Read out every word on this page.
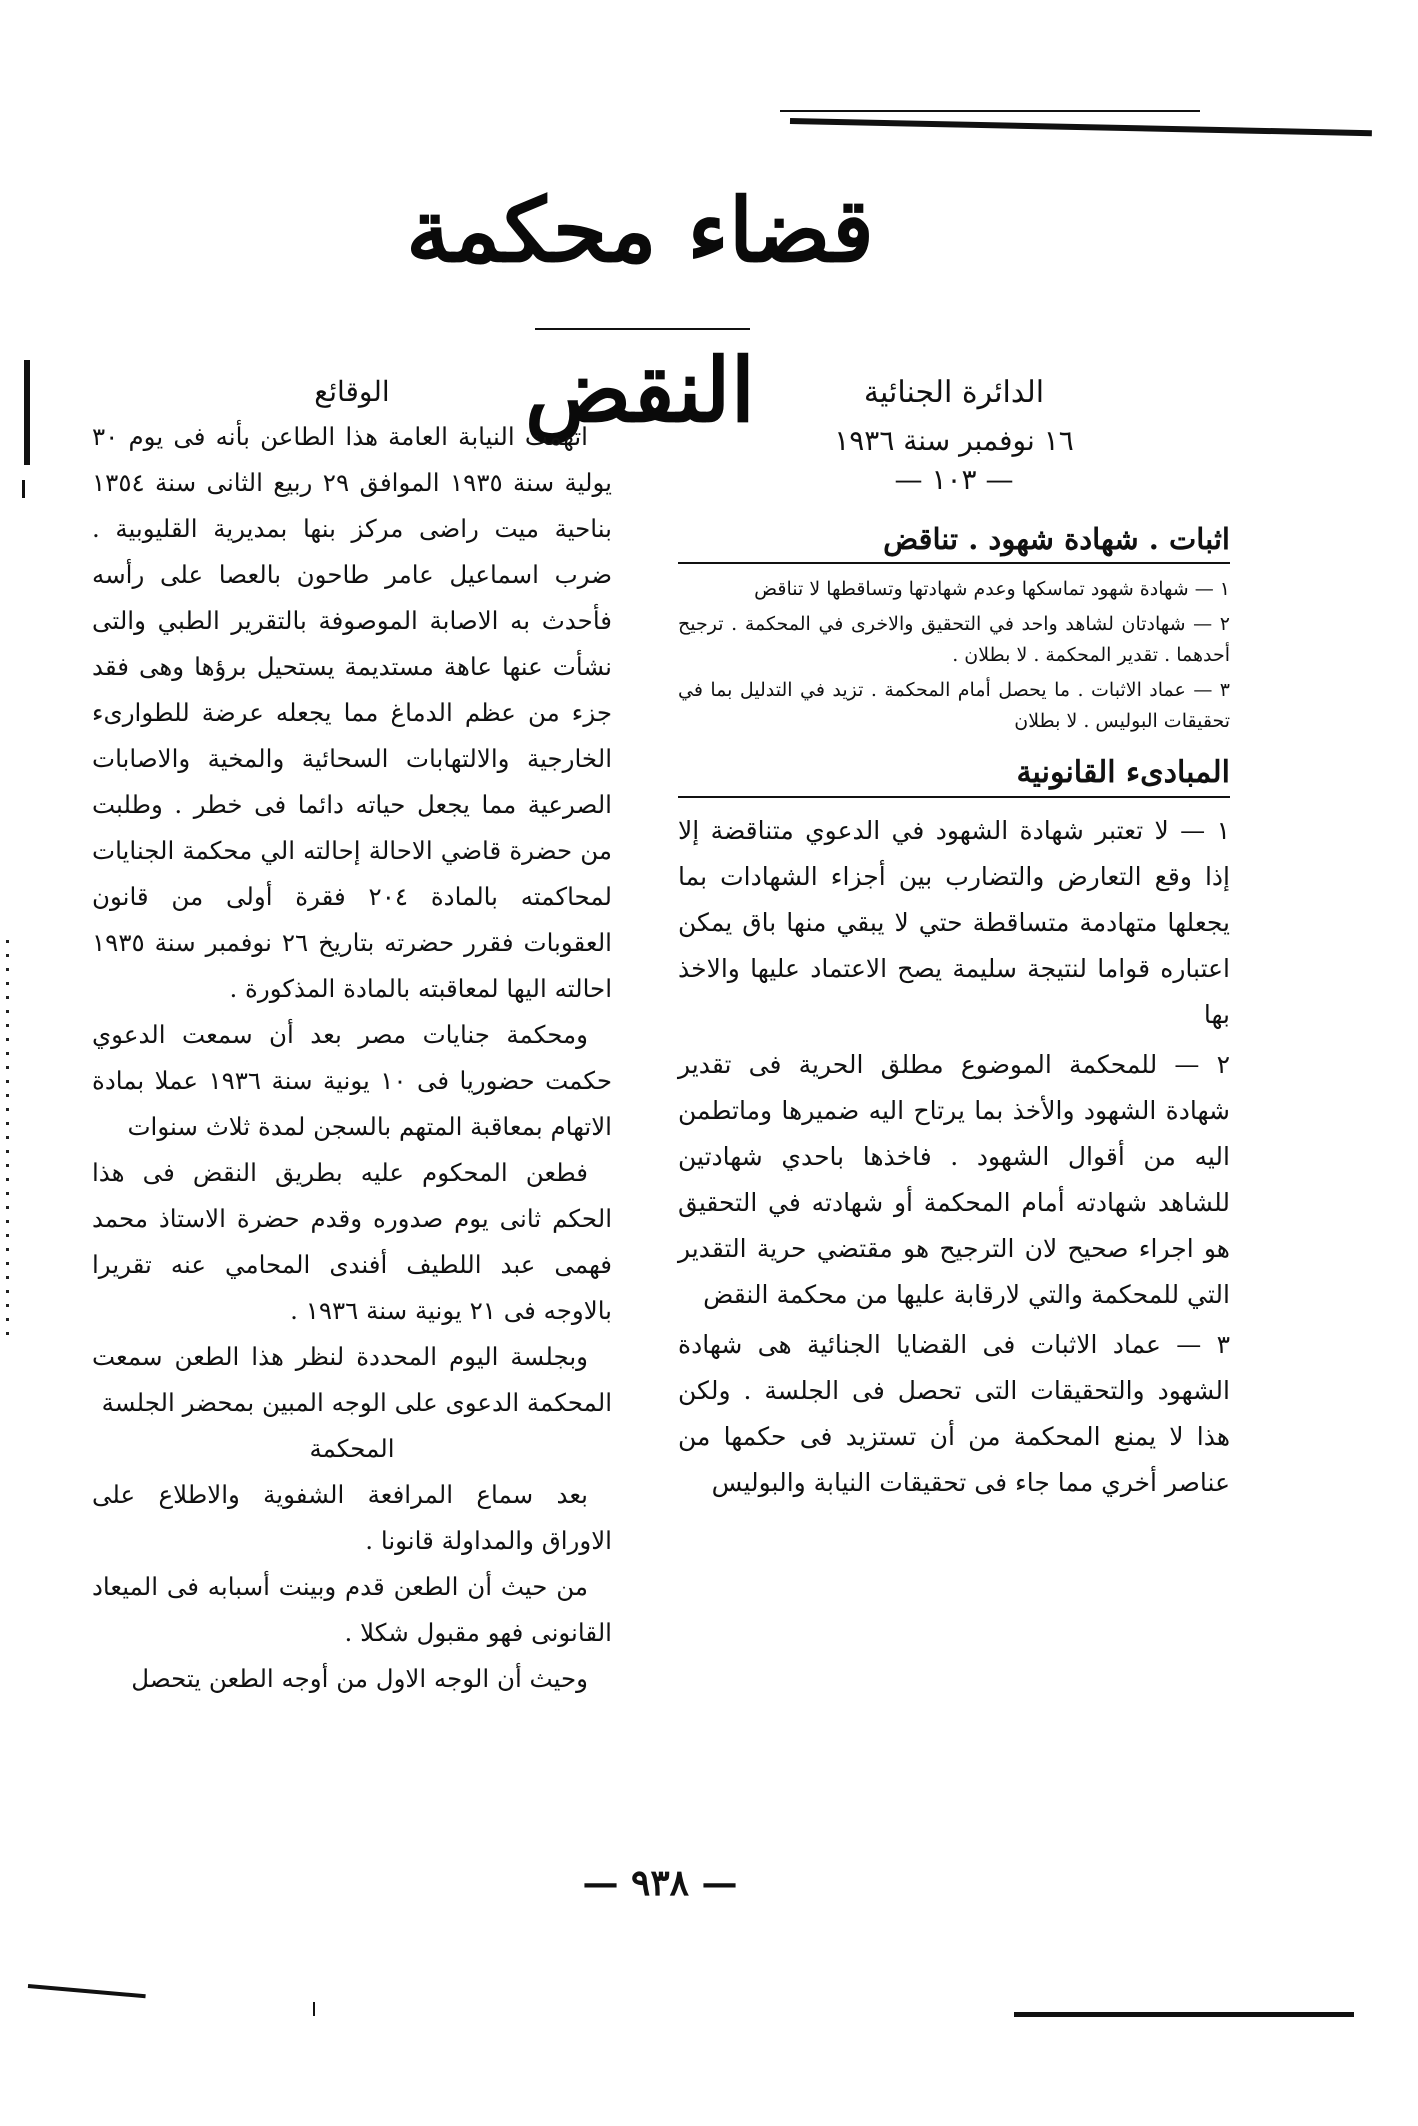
قضاء محكمة النقض	الدائرة الجنائية
١٦ نوفمبر سنة ١٩٣٦
— ١٠٣ —
اثبات . شهادة شهود . تناقض
١ — شهادة شهود تماسكها وعدم شهادتها وتساقطها لا تناقض
٢ — شهادتان لشاهد واحد في التحقيق والاخرى في المحكمة . ترجيح أحدهما . تقدير المحكمة . لا بطلان .
٣ — عماد الاثبات . ما يحصل أمام المحكمة . تزيد في التدليل بما في تحقيقات البوليس . لا بطلان
المبادىء القانونية
١ — لا تعتبر شهادة الشهود في الدعوي متناقضة إلا إذا وقع التعارض والتضارب بين أجزاء الشهادات بما يجعلها متهادمة متساقطة حتي لا يبقي منها باق يمكن اعتباره قواما لنتيجة سليمة يصح الاعتماد عليها والاخذ بها
٢ — للمحكمة الموضوع مطلق الحرية فى تقدير شهادة الشهود والأخذ بما يرتاح اليه ضميرها وماتطمن اليه من أقوال الشهود . فاخذها باحدي شهادتين للشاهد شهادته أمام المحكمة أو شهادته في التحقيق هو اجراء صحيح لان الترجيح هو مقتضي حرية التقدير التي للمحكمة والتي لارقابة عليها من محكمة النقض
٣ — عماد الاثبات فى القضايا الجنائية هى شهادة الشهود والتحقيقات التى تحصل فى الجلسة . ولكن هذا لا يمنع المحكمة من أن تستزيد فى حكمها من عناصر أخري مما جاء فى تحقيقات النيابة والبوليس
الوقائع

اتهمت النيابة العامة هذا الطاعن بأنه فى يوم ٣٠ يولية سنة ١٩٣٥ الموافق ٢٩ ربيع الثانى سنة ١٣٥٤ بناحية ميت راضى مركز بنها بمديرية القليوبية . ضرب اسماعيل عامر طاحون بالعصا على رأسه فأحدث به الاصابة الموصوفة بالتقرير الطبي والتى نشأت عنها عاهة مستديمة يستحيل برؤها وهى فقد جزء من عظم الدماغ مما يجعله عرضة للطوارىء الخارجية والالتهابات السحائية والمخية والاصابات الصرعية مما يجعل حياته دائما فى خطر . وطلبت من حضرة قاضي الاحالة إحالته الي محكمة الجنايات لمحاكمته بالمادة ٢٠٤ فقرة أولى من قانون العقوبات فقرر حضرته بتاريخ ٢٦ نوفمبر سنة ١٩٣٥ احالته اليها لمعاقبته بالمادة المذكورة .

ومحكمة جنايات مصر بعد أن سمعت الدعوي حكمت حضوريا فى ١٠ يونية سنة ١٩٣٦ عملا بمادة الاتهام بمعاقبة المتهم بالسجن لمدة ثلاث سنوات

فطعن المحكوم عليه بطريق النقض فى هذا الحكم ثانى يوم صدوره وقدم حضرة الاستاذ محمد فهمى عبد اللطيف أفندى المحامي عنه تقريرا بالاوجه فى ٢١ يونية سنة ١٩٣٦ .

وبجلسة اليوم المحددة لنظر هذا الطعن سمعت المحكمة الدعوى على الوجه المبين بمحضر الجلسة

المحكمة

بعد سماع المرافعة الشفوية والاطلاع على الاوراق والمداولة قانونا .

من حيث أن الطعن قدم وبينت أسبابه فى الميعاد القانونى فهو مقبول شكلا .

وحيث أن الوجه الاول من أوجه الطعن يتحصل

— ٩٣٨ —
